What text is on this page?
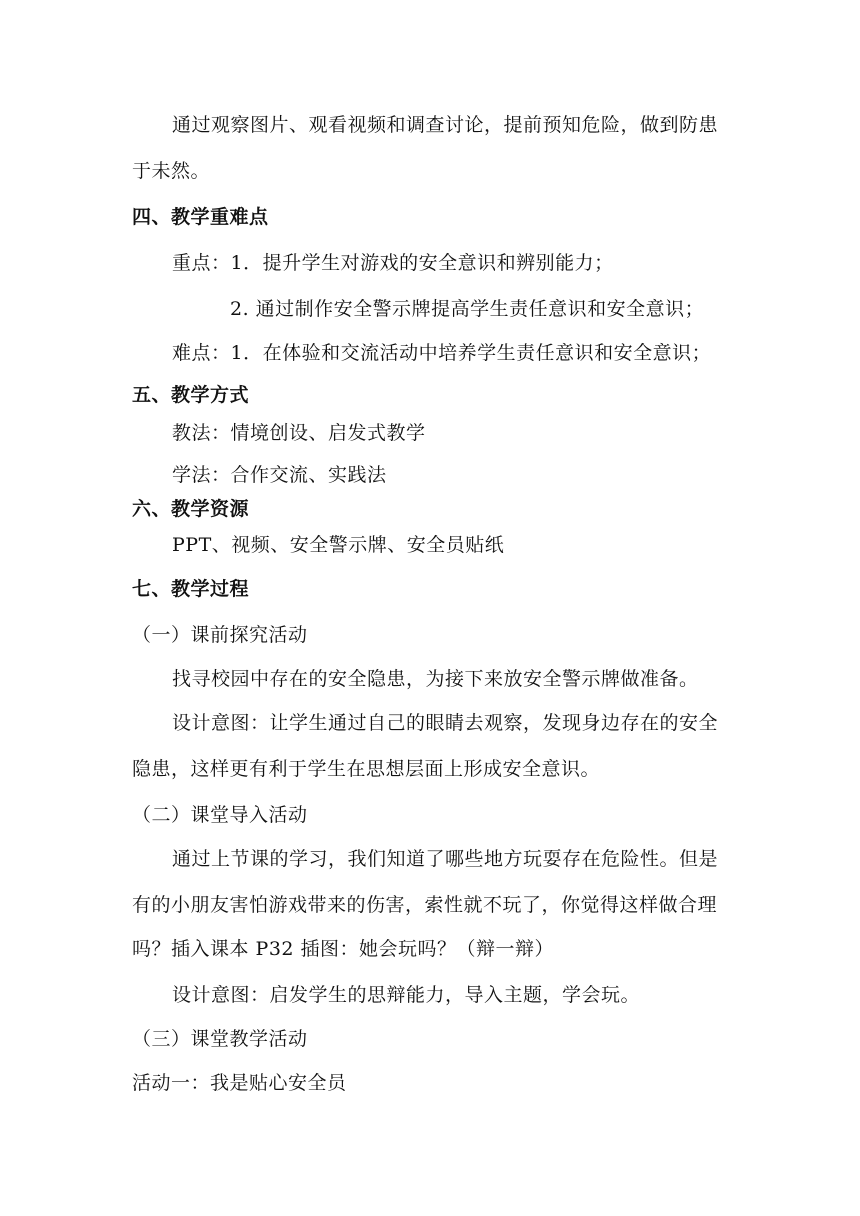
通过观察图片、观看视频和调查讨论，提前预知危险，做到防患
于未然。
四、教学重难点
重点：1．提升学生对游戏的安全意识和辨别能力；
2. 通过制作安全警示牌提高学生责任意识和安全意识；
难点：1．在体验和交流活动中培养学生责任意识和安全意识；
五、教学方式
教法：情境创设、启发式教学
学法：合作交流、实践法
六、教学资源
PPT、视频、安全警示牌、安全员贴纸
七、教学过程
（一）课前探究活动
找寻校园中存在的安全隐患，为接下来放安全警示牌做准备。
设计意图：让学生通过自己的眼睛去观察，发现身边存在的安全
隐患，这样更有利于学生在思想层面上形成安全意识。
（二）课堂导入活动
通过上节课的学习，我们知道了哪些地方玩耍存在危险性。但是
有的小朋友害怕游戏带来的伤害，索性就不玩了，你觉得这样做合理
吗？插入课本 P32 插图：她会玩吗？（辩一辩）
设计意图：启发学生的思辩能力，导入主题，学会玩。
（三）课堂教学活动
活动一：我是贴心安全员
